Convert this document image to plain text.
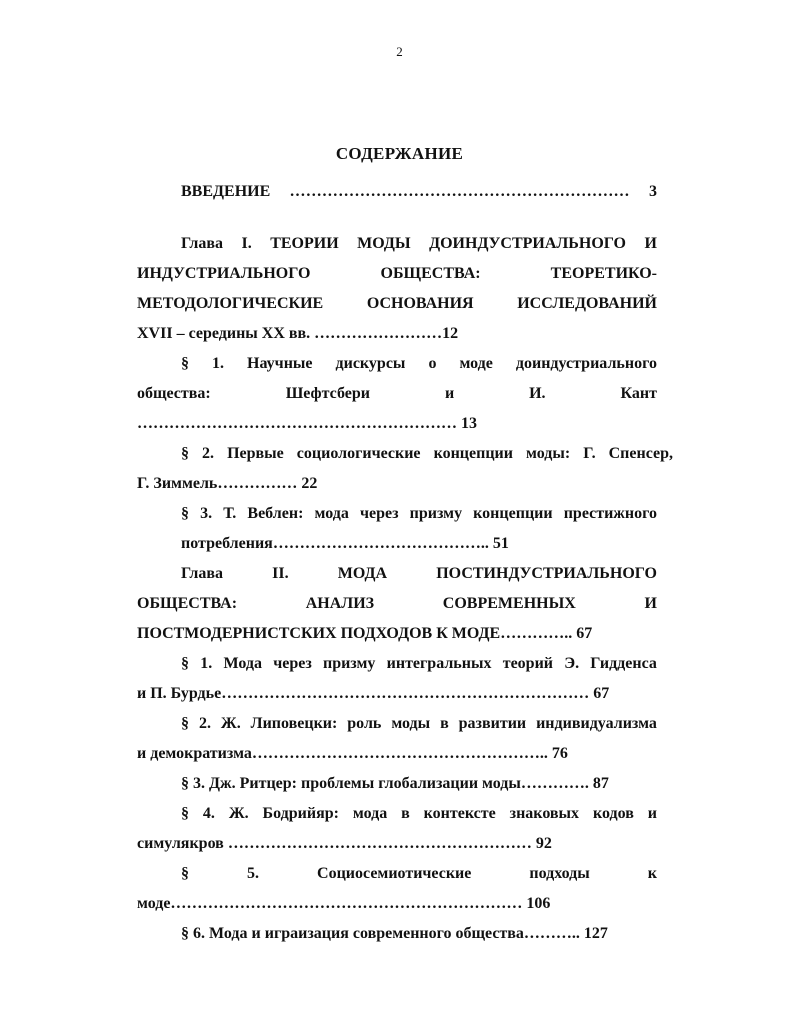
2
СОДЕРЖАНИЕ
ВВЕДЕНИЕ ……………………………………………………… 3
Глава I. ТЕОРИИ МОДЫ ДОИНДУСТРИАЛЬНОГО И
ИНДУСТРИАЛЬНОГО	ОБЩЕСТВА:	ТЕОРЕТИКО-
МЕТОДОЛОГИЧЕСКИЕ	ОСНОВАНИЯ	ИССЛЕДОВАНИЙ
XVII – середины XX вв. ……………………12
§ 1. Научные дискурсы о моде доиндустриального
общества:	Шефтсбери	и	И.	Кант
…………………………………………………… 13
§ 2. Первые социологические концепции моды: Г. Спенсер,
Г. Зиммель…………… 22
§ 3. Т. Веблен: мода через призму концепции престижного
потребления………………………………….. 51
Глава	II.	МОДА	ПОСТИНДУСТРИАЛЬНОГО
ОБЩЕСТВА:	АНАЛИЗ	СОВРЕМЕННЫХ	И
ПОСТМОДЕРНИСТСКИХ ПОДХОДОВ К МОДЕ………….. 67
§ 1. Мода через призму интегральных теорий Э. Гидденса
и П. Бурдье…………………………………………………………… 67
§ 2. Ж. Липовецки: роль моды в развитии индивидуализма
и демократизма……………………………………………….. 76
§ 3. Дж. Ритцер: проблемы глобализации моды…………. 87
§ 4. Ж. Бодрийяр: мода в контексте знаковых кодов и
симулякров ………………………………………………… 92
§	5.	Социосемиотические	подходы	к
моде………………………………………………………… 106
§ 6. Мода и играизация современного общества……….. 127
